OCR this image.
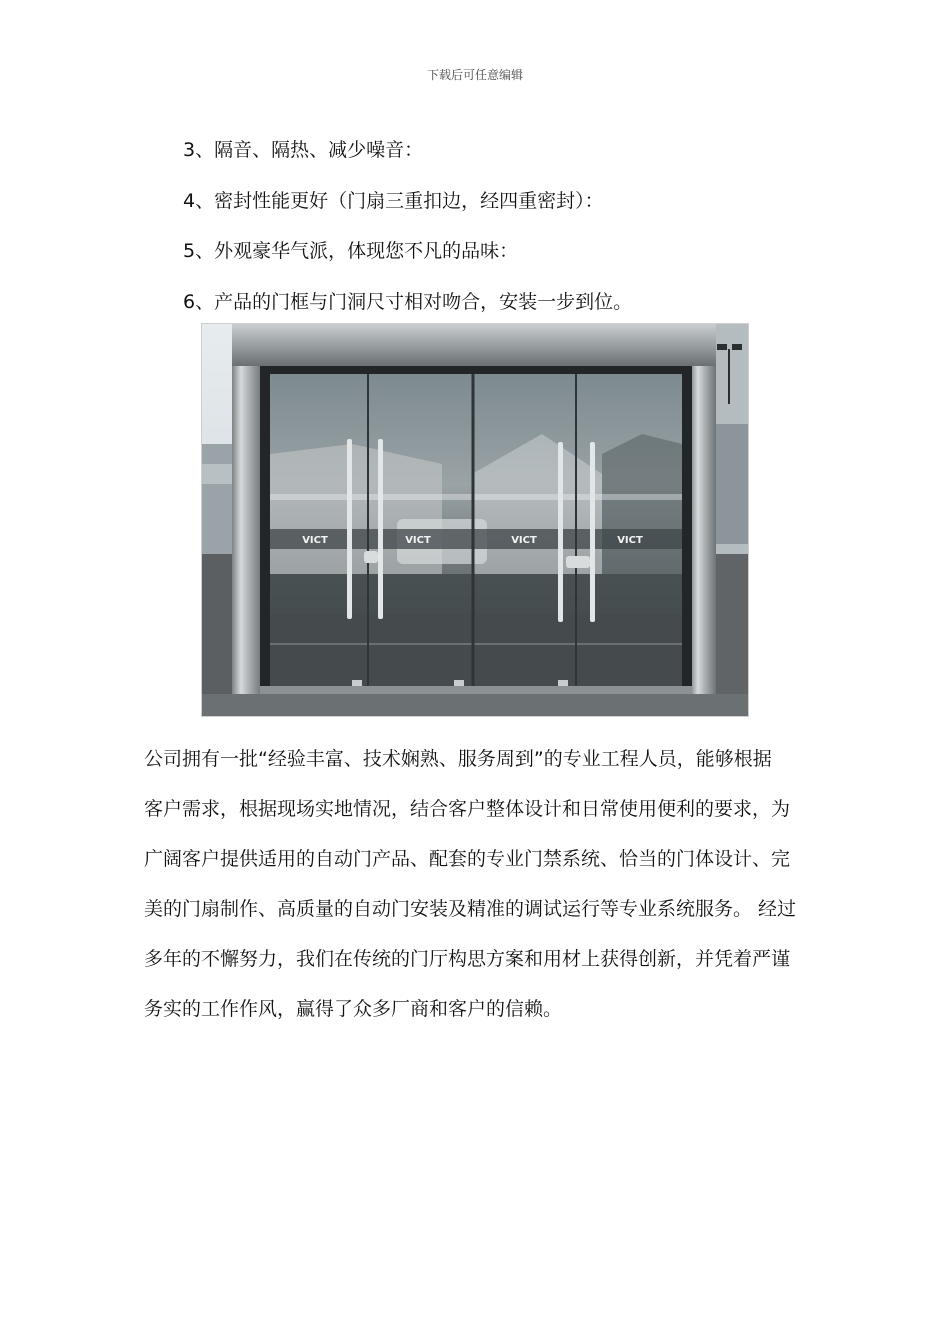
下载后可任意编辑
3、隔音、隔热、减少噪音：
4、密封性能更好（门扇三重扣边，经四重密封）：
5、外观豪华气派，体现您不凡的品味：
6、产品的门框与门洞尺寸相对吻合，安装一步到位。
VICT	VICT	VICT	VICT
公司拥有一批“经验丰富、技术娴熟、服务周到”的专业工程人员，能够根据
客户需求，根据现场实地情况，结合客户整体设计和日常使用便利的要求，为
广阔客户提供适用的自动门产品、配套的专业门禁系统、恰当的门体设计、完
美的门扇制作、高质量的自动门安装及精准的调试运行等专业系统服务。 经过
多年的不懈努力，我们在传统的门厅构思方案和用材上获得创新，并凭着严谨
务实的工作作风，赢得了众多厂商和客户的信赖。
